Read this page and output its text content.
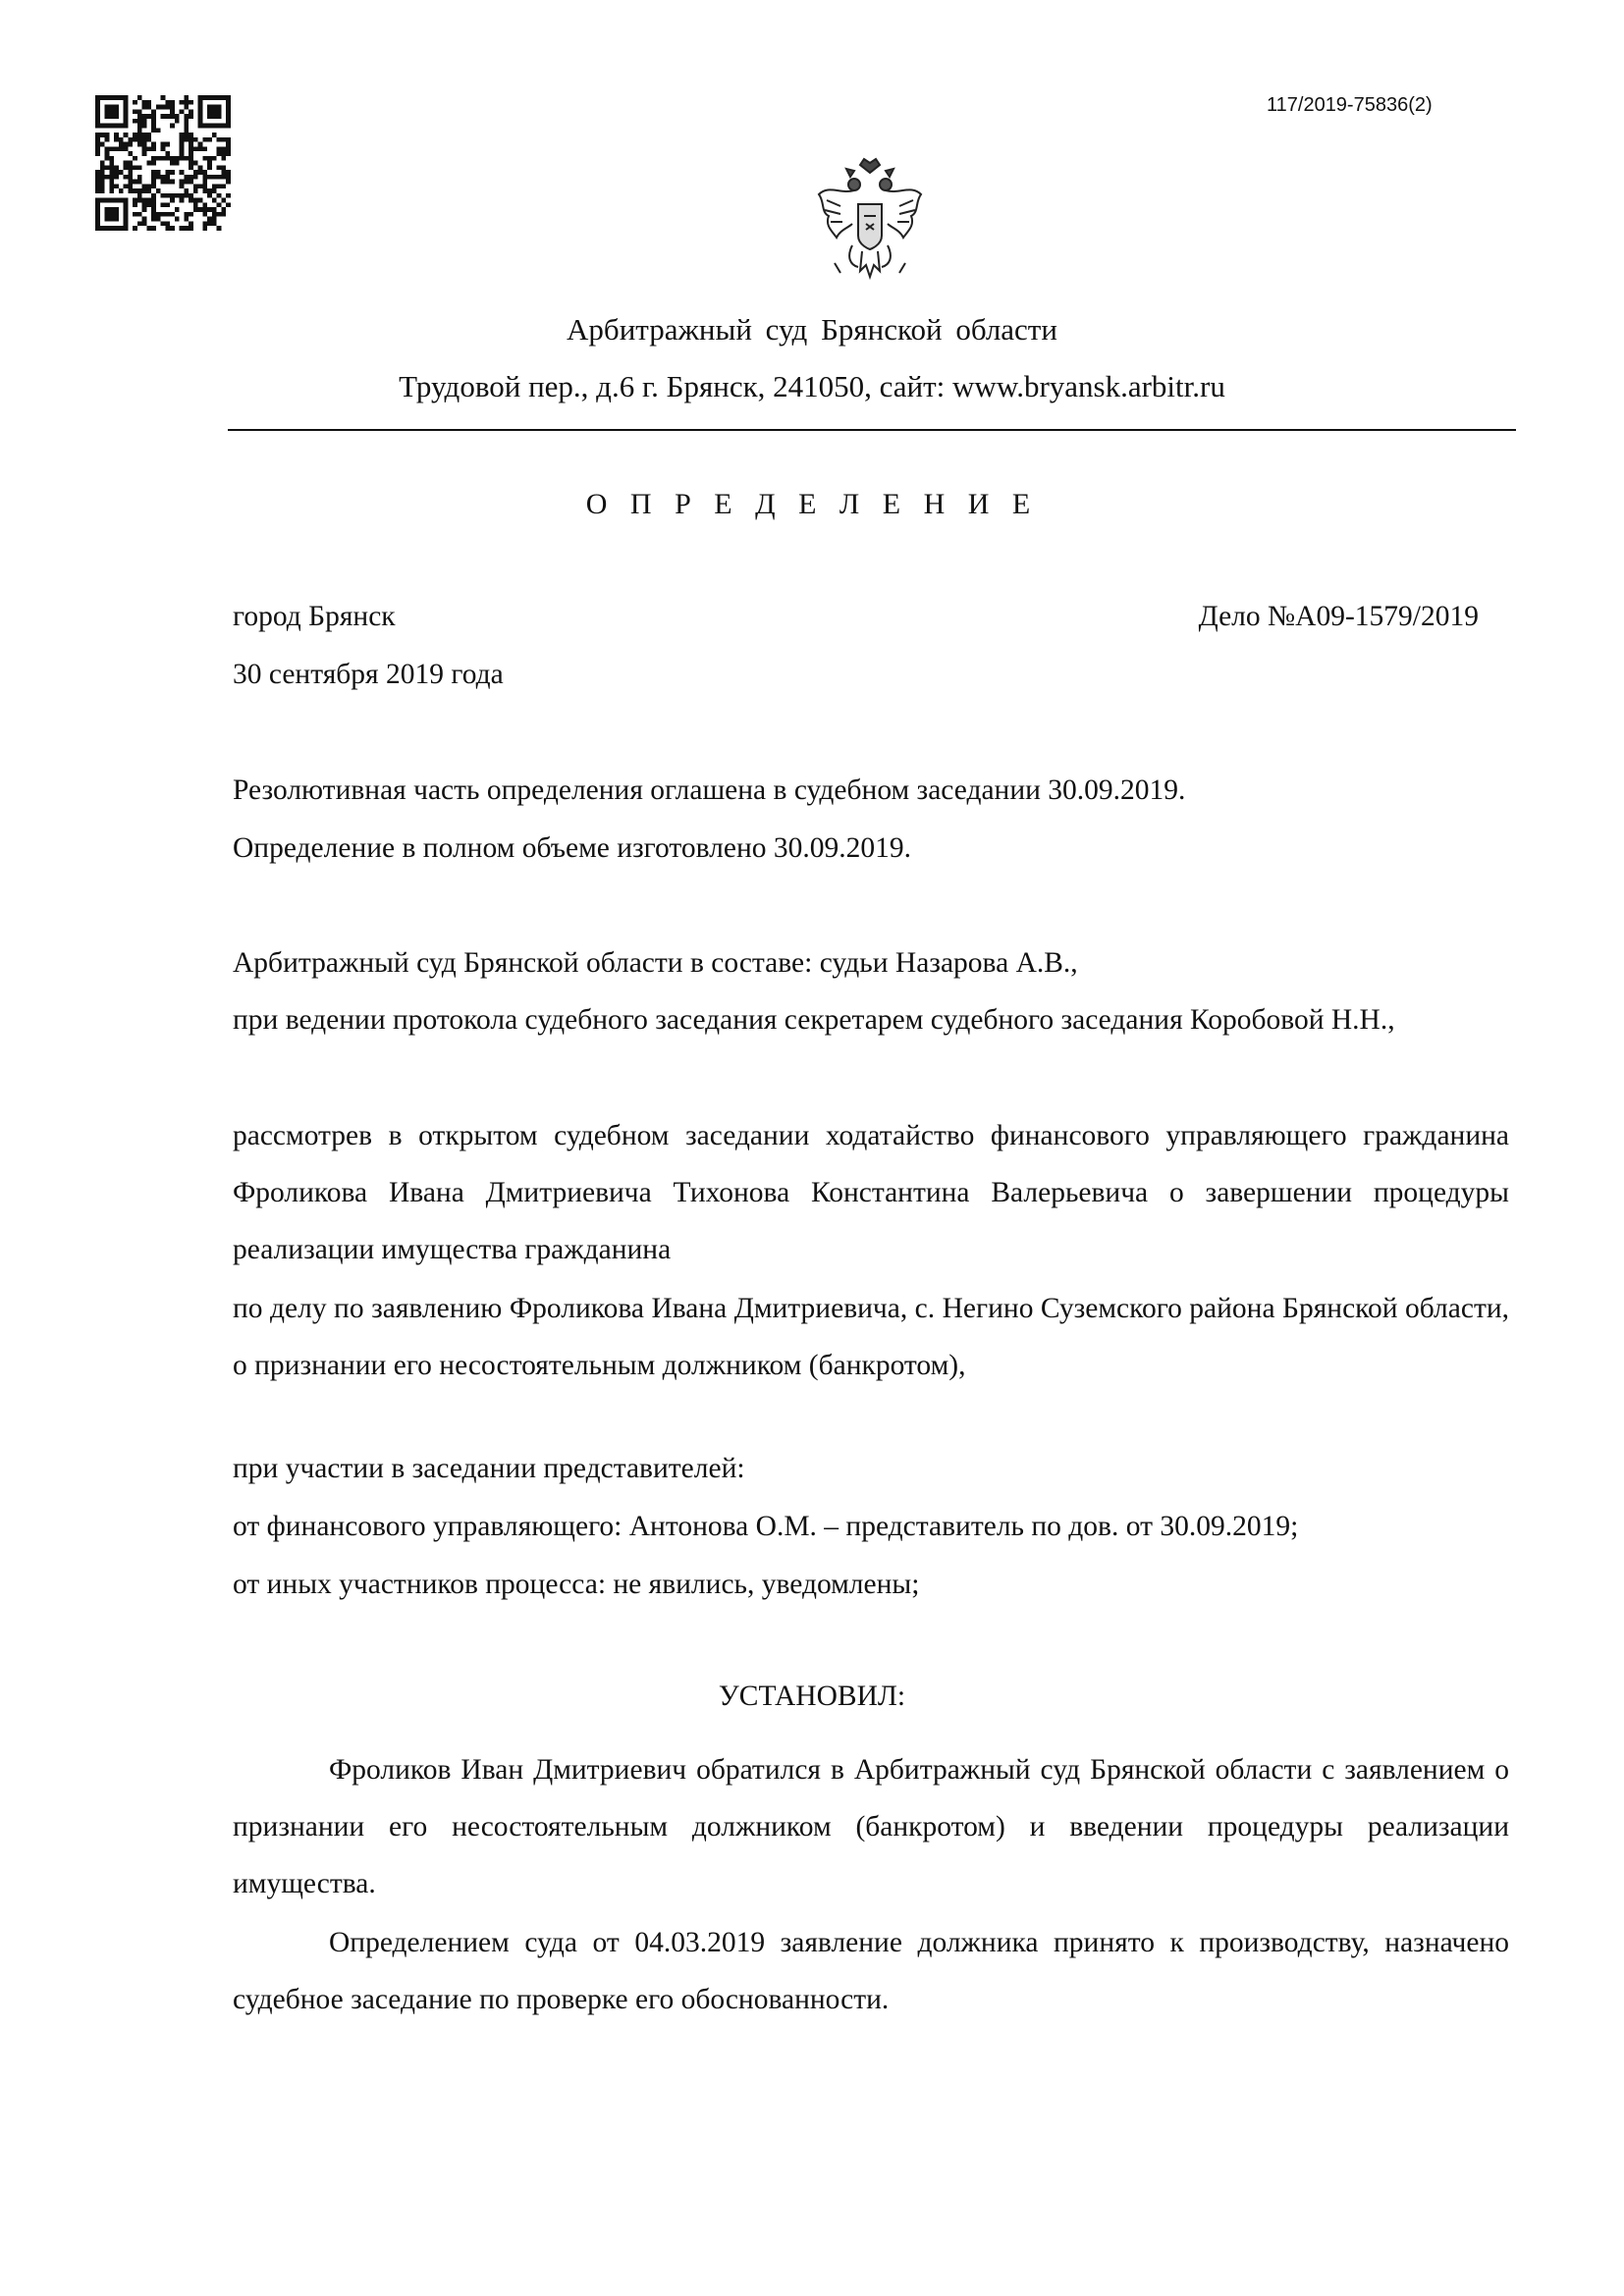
117/2019-75836(2)
Арбитражный суд Брянской области
Трудовой пер., д.6 г. Брянск, 241050, сайт: www.bryansk.arbitr.ru
О П Р Е Д Е Л Е Н И Е
город Брянск	Дело №А09-1579/2019
30 сентября 2019 года
Резолютивная часть определения оглашена в судебном заседании 30.09.2019.
Определение в полном объеме изготовлено 30.09.2019.
Арбитражный суд Брянской области в составе: судьи Назарова А.В.,
при ведении протокола судебного заседания секретарем судебного заседания Коробовой Н.Н.,
рассмотрев в открытом судебном заседании ходатайство финансового управляющего гражданина Фроликова Ивана Дмитриевича Тихонова Константина Валерьевича о завершении процедуры реализации имущества гражданина
по делу по заявлению Фроликова Ивана Дмитриевича, с. Негино Суземского района Брянской области, о признании его несостоятельным должником (банкротом),
при участии в заседании представителей:
от финансового управляющего: Антонова О.М. – представитель по дов. от 30.09.2019;
от иных участников процесса: не явились, уведомлены;
УСТАНОВИЛ:
Фроликов Иван Дмитриевич обратился в Арбитражный суд Брянской области с заявлением о признании его несостоятельным должником (банкротом) и введении процедуры реализации имущества.
Определением суда от 04.03.2019 заявление должника принято к производству, назначено судебное заседание по проверке его обоснованности.
